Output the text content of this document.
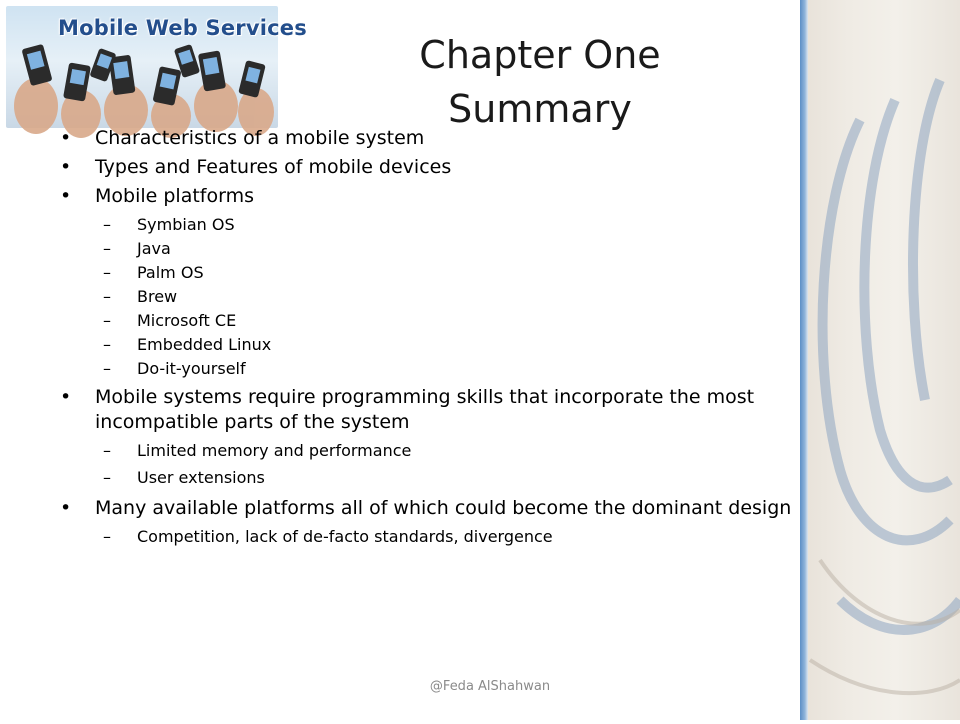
Mobile Web Services
Chapter One
Summary
• Characteristics of a mobile system
• Types and Features of mobile devices
• Mobile platforms
– Symbian OS
– Java
– Palm OS
– Brew
– Microsoft CE
– Embedded Linux
– Do-it-yourself
• Mobile systems require programming skills that incorporate the most incompatible parts of the system
– Limited memory and performance
– User extensions
• Many available platforms all of which could become the dominant design
– Competition, lack of de-facto standards, divergence
@Feda AlShahwan
